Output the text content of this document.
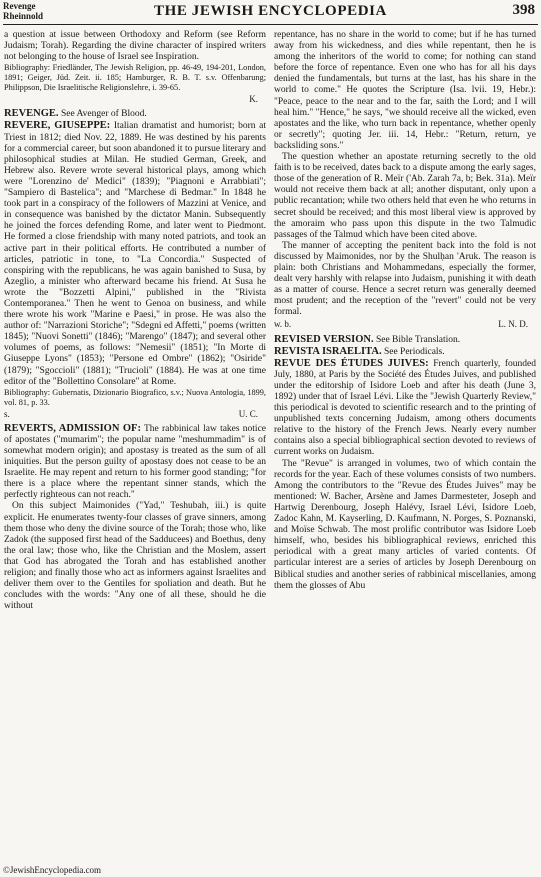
Revenge
Rheinnold	THE JEWISH ENCYCLOPEDIA	398

a question at issue between Orthodoxy and Reform (see Reform Judaism; Torah). Regarding the divine character of inspired writers not belonging to the house of Israel see Inspiration.

Bibliography: Friedländer, The Jewish Religion, pp. 46-49, 194-201, London, 1891; Geiger, Jüd. Zeit. ii. 185; Hamburger, R. B. T. s.v. Offenbarung; Philippson, Die Israelitische Religionslehre, i. 39-65.

K.

REVENGE. See Avenger of Blood.

REVERE, GIUSEPPE: Italian dramatist and humorist; born at Triest in 1812; died Nov. 22, 1889. He was destined by his parents for a commercial career, but soon abandoned it to pursue literary and philosophical studies at Milan. He studied German, Greek, and Hebrew also. Revere wrote several historical plays, among which were "Lorenzino de' Medici" (1839); "Piagnoni e Arrabbiati"; "Sampiero di Bastelica"; and "Marchese di Bedmar." In 1848 he took part in a conspiracy of the followers of Mazzini at Venice, and in consequence was banished by the dictator Manin. Subsequently he joined the forces defending Rome, and later went to Piedmont. He formed a close friendship with many noted patriots, and took an active part in their political efforts. He contributed a number of articles, patriotic in tone, to "La Concordia." Suspected of conspiring with the republicans, he was again banished to Susa, by Azeglio, a minister who afterward became his friend. At Susa he wrote the "Bozzetti Alpini," published in the "Rivista Contemporanea." Then he went to Genoa on business, and while there wrote his work "Marine e Paesi," in prose. He was also the author of: "Narrazioni Storiche"; "Sdegni ed Affetti," poems (written 1845); "Nuovi Sonetti" (1846); "Marengo" (1847); and several other volumes of poems, as follows: "Nemesii" (1851); "In Morte di Giuseppe Lyons" (1853); "Persone ed Ombre" (1862); "Osiride" (1879); "Sgoccioli" (1881); "Trucioli" (1884). He was at one time editor of the "Bollettino Consolare" at Rome.

Bibliography: Gubernatis, Dizionario Biografico, s.v.; Nuova Antologia, 1899, vol. 81, p. 33.

s.	U. C.

REVERTS, ADMISSION OF: The rabbinical law takes notice of apostates ("mumarim"; the popular name "meshummadim" is of somewhat modern origin); and apostasy is treated as the sum of all iniquities. But the person guilty of apostasy does not cease to be an Israelite. He may repent and return to his former good standing; "for there is a place where the repentant sinner stands, which the perfectly righteous can not reach."

On this subject Maimonides ("Yad," Teshubah, iii.) is quite explicit. He enumerates twenty-four classes of grave sinners, among them those who deny the divine source of the Torah; those who, like Zadok (the supposed first head of the Sadducees) and Boethus, deny the oral law; those who, like the Christian and the Moslem, assert that God has abrogated the Torah and has established another religion; and finally those who act as informers against Israelites and deliver them over to the Gentiles for spoliation and death. But he concludes with the words: "Any one of all these, should he die without

repentance, has no share in the world to come; but if he has turned away from his wickedness, and dies while repentant, then he is among the inheritors of the world to come; for nothing can stand before the force of repentance. Even one who has for all his days denied the fundamentals, but turns at the last, has his share in the world to come." He quotes the Scripture (Isa. lvii. 19, Hebr.): "Peace, peace to the near and to the far, saith the Lord; and I will heal him." "Hence," he says, "we should receive all the wicked, even apostates and the like, who turn back in repentance, whether openly or secretly"; quoting Jer. iii. 14, Hebr.: "Return, return, ye backsliding sons."

The question whether an apostate returning secretly to the old faith is to be received, dates back to a dispute among the early sages, those of the generation of R. Meïr ('Ab. Zarah 7a, b; Bek. 31a). Meïr would not receive them back at all; another disputant, only upon a public recantation; while two others held that even he who returns in secret should be received; and this most liberal view is approved by the amoraim who pass upon this dispute in the two Talmudic passages of the Talmud which have been cited above.

The manner of accepting the penitent back into the fold is not discussed by Maimonides, nor by the Shulḥan 'Aruk. The reason is plain: both Christians and Mohammedans, especially the former, dealt very harshly with relapse into Judaism, punishing it with death as a matter of course. Hence a secret return was generally deemed most prudent; and the reception of the "revert" could not be very formal.

w. b.	L. N. D.

REVISED VERSION. See Bible Translation.

REVISTA ISRAELITA. See Periodicals.

REVUE DES ÉTUDES JUIVES: French quarterly, founded July, 1880, at Paris by the Société des Études Juives, and published under the editorship of Isidore Loeb and after his death (June 3, 1892) under that of Israel Lévi. Like the "Jewish Quarterly Review," this periodical is devoted to scientific research and to the printing of unpublished texts concerning Judaism, among others documents relative to the history of the French Jews. Nearly every number contains also a special bibliographical section devoted to reviews of current works on Judaism.

The "Revue" is arranged in volumes, two of which contain the records for the year. Each of these volumes consists of two numbers. Among the contributors to the "Revue des Études Juives" may be mentioned: W. Bacher, Arsène and James Darmesteter, Joseph and Hartwig Derenbourg, Joseph Halévy, Israel Lévi, Isidore Loeb, Zadoc Kahn, M. Kayserling, D. Kaufmann, N. Porges, S. Poznanski, and Moïse Schwab. The most prolific contributor was Isidore Loeb himself, who, besides his bibliographical reviews, enriched this periodical with a great many articles of varied contents. Of particular interest are a series of articles by Joseph Derenbourg on Biblical studies and another series of rabbinical miscellanies, among them the glosses of Abu

©JewishEncyclopedia.com
